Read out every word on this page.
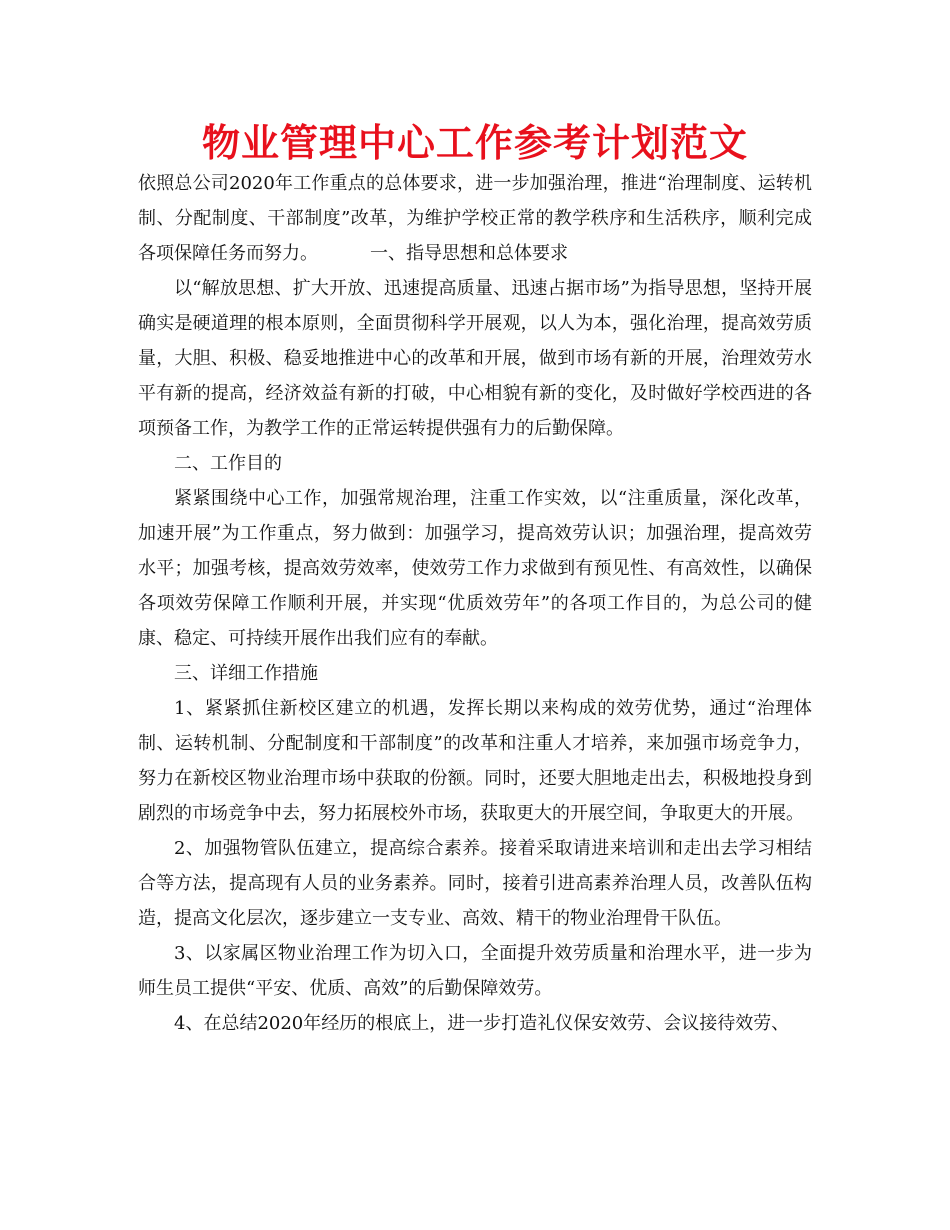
物业管理中心工作参考计划范文

依照总公司2020年工作重点的总体要求，进一步加强治理，推进“治理制度、运转机制、分配制度、干部制度”改革，为维护学校正常的教学秩序和生活秩序，顺利完成各项保障任务而努力。	一、指导思想和总体要求

以“解放思想、扩大开放、迅速提高质量、迅速占据市场”为指导思想，坚持开展确实是硬道理的根本原则，全面贯彻科学开展观，以人为本，强化治理，提高效劳质量，大胆、积极、稳妥地推进中心的改革和开展，做到市场有新的开展，治理效劳水平有新的提高，经济效益有新的打破，中心相貌有新的变化，及时做好学校西进的各项预备工作，为教学工作的正常运转提供强有力的后勤保障。

二、工作目的

紧紧围绕中心工作，加强常规治理，注重工作实效，以“注重质量，深化改革，加速开展”为工作重点，努力做到：加强学习，提高效劳认识；加强治理，提高效劳水平；加强考核，提高效劳效率，使效劳工作力求做到有预见性、有高效性，以确保各项效劳保障工作顺利开展，并实现“优质效劳年”的各项工作目的，为总公司的健康、稳定、可持续开展作出我们应有的奉献。

三、详细工作措施

1、紧紧抓住新校区建立的机遇，发挥长期以来构成的效劳优势，通过“治理体制、运转机制、分配制度和干部制度”的改革和注重人才培养，来加强市场竞争力，努力在新校区物业治理市场中获取的份额。同时，还要大胆地走出去，积极地投身到剧烈的市场竞争中去，努力拓展校外市场，获取更大的开展空间，争取更大的开展。

2、加强物管队伍建立，提高综合素养。接着采取请进来培训和走出去学习相结合等方法，提高现有人员的业务素养。同时，接着引进高素养治理人员，改善队伍构造，提高文化层次，逐步建立一支专业、高效、精干的物业治理骨干队伍。

3、以家属区物业治理工作为切入口，全面提升效劳质量和治理水平，进一步为师生员工提供“平安、优质、高效”的后勤保障效劳。

4、在总结2020年经历的根底上，进一步打造礼仪保安效劳、会议接待效劳、
